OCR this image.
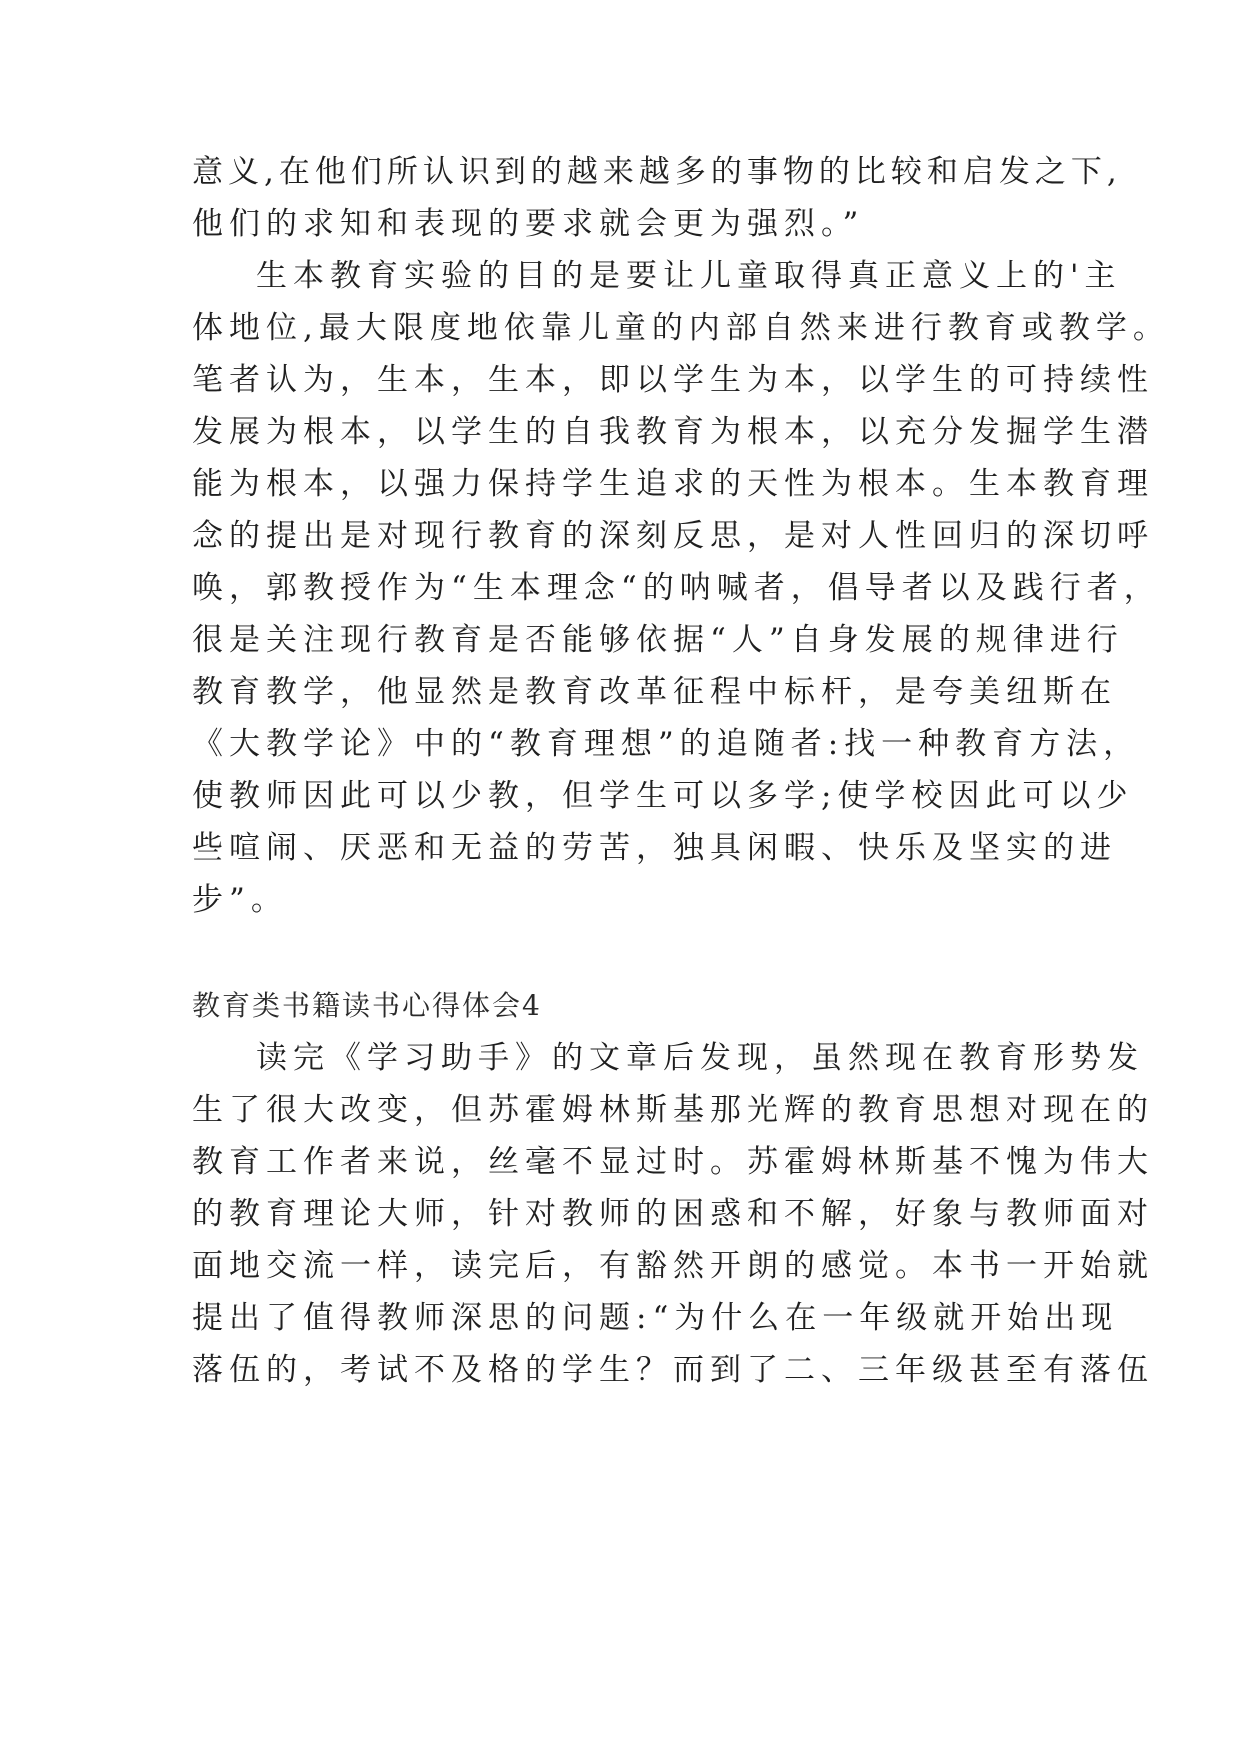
意义,在他们所认识到的越来越多的事物的比较和启发之下,
他们的求知和表现的要求就会更为强烈。”
生本教育实验的目的是要让儿童取得真正意义上的'主
体地位,最大限度地依靠儿童的内部自然来进行教育或教学。
笔者认为，生本，生本，即以学生为本，以学生的可持续性
发展为根本，以学生的自我教育为根本，以充分发掘学生潜
能为根本，以强力保持学生追求的天性为根本。生本教育理
念的提出是对现行教育的深刻反思，是对人性回归的深切呼
唤，郭教授作为“生本理念“的呐喊者，倡导者以及践行者，
很是关注现行教育是否能够依据“人”自身发展的规律进行
教育教学，他显然是教育改革征程中标杆，是夸美纽斯在
《大教学论》中的“教育理想”的追随者:找一种教育方法，
使教师因此可以少教，但学生可以多学;使学校因此可以少
些喧闹、厌恶和无益的劳苦，独具闲暇、快乐及坚实的进
步”。
教育类书籍读书心得体会4
读完《学习助手》的文章后发现，虽然现在教育形势发
生了很大改变，但苏霍姆林斯基那光辉的教育思想对现在的
教育工作者来说，丝毫不显过时。苏霍姆林斯基不愧为伟大
的教育理论大师，针对教师的困惑和不解，好象与教师面对
面地交流一样，读完后，有豁然开朗的感觉。本书一开始就
提出了值得教师深思的问题:“为什么在一年级就开始出现
落伍的，考试不及格的学生？而到了二、三年级甚至有落伍
